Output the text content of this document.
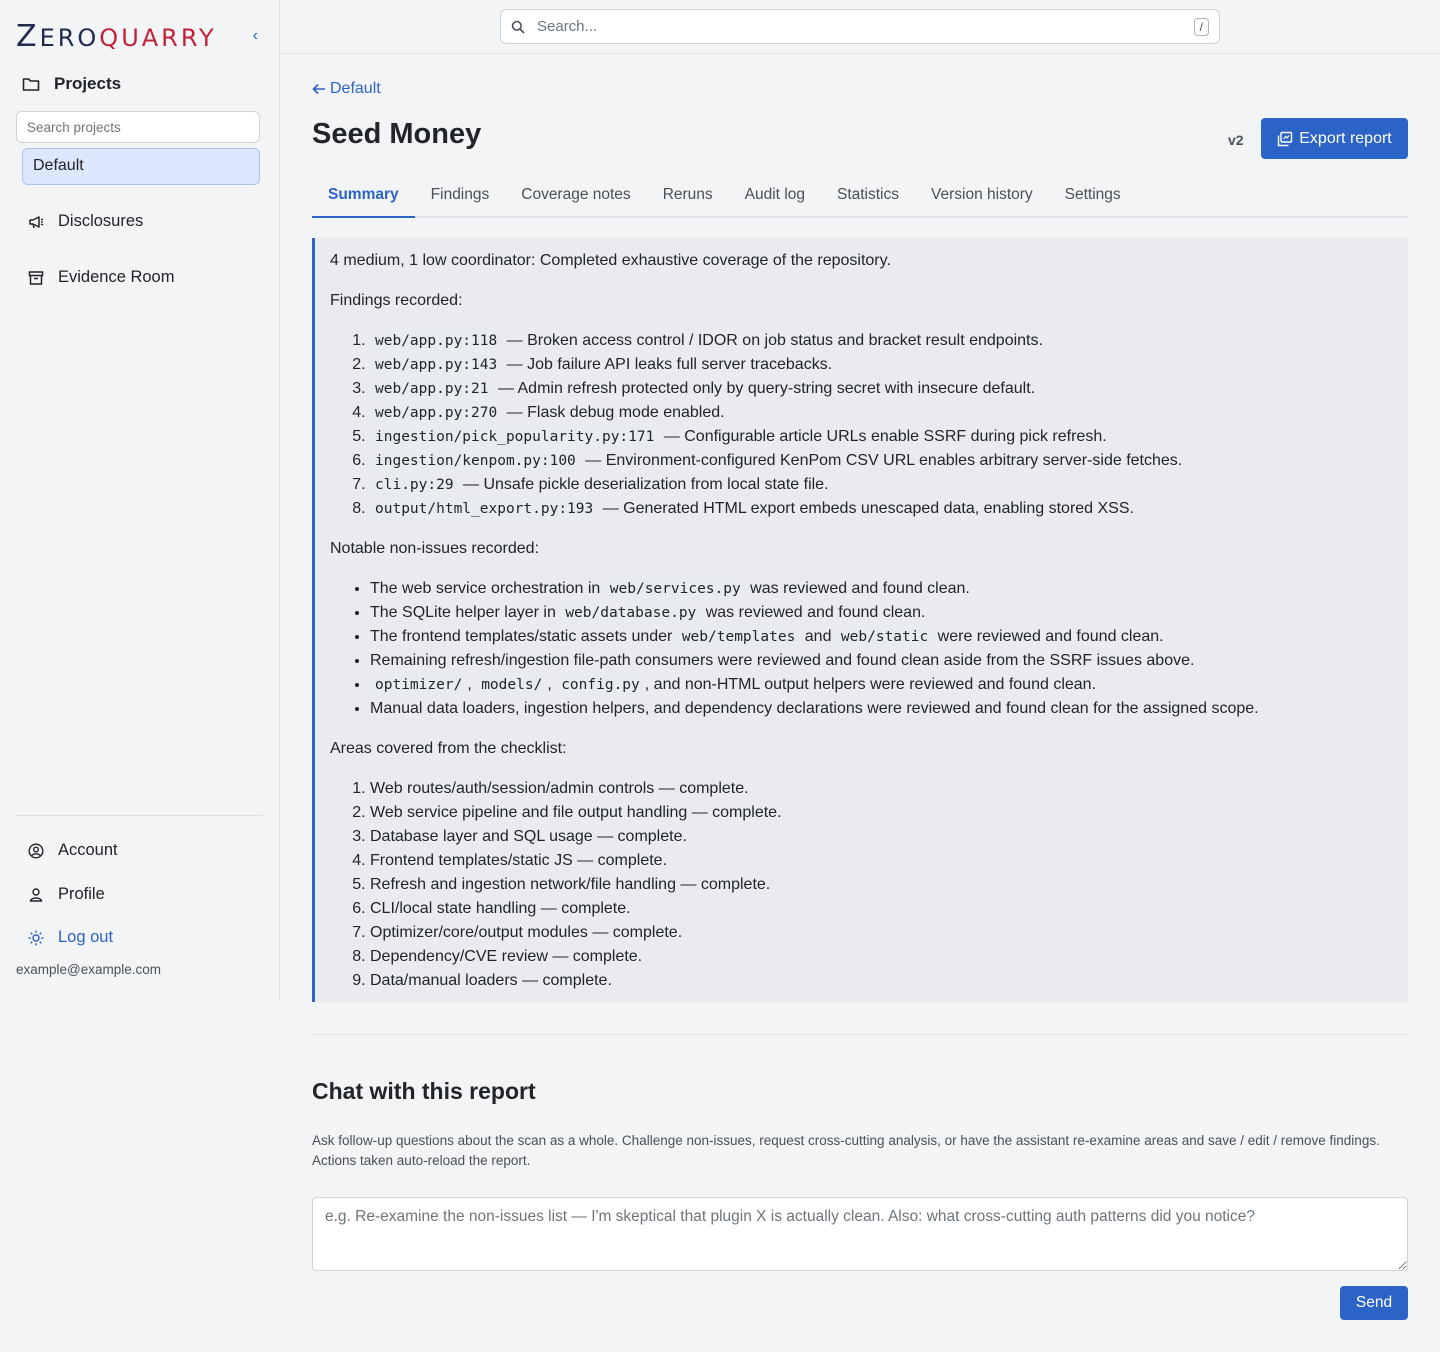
ZEROQUARRY ‹
Projects
Search projects
Default
Disclosures
Evidence Room
Account
Profile
Log out
example@example.com
Search...	/
Default
Seed Money	v2	Export report
Summary	Findings	Coverage notes	Reruns	Audit log	Statistics	Version history	Settings

4 medium, 1 low coordinator: Completed exhaustive coverage of the repository.

Findings recorded:

1. web/app.py:118 — Broken access control / IDOR on job status and bracket result endpoints.
2. web/app.py:143 — Job failure API leaks full server tracebacks.
3. web/app.py:21 — Admin refresh protected only by query-string secret with insecure default.
4. web/app.py:270 — Flask debug mode enabled.
5. ingestion/pick_popularity.py:171 — Configurable article URLs enable SSRF during pick refresh.
6. ingestion/kenpom.py:100 — Environment-configured KenPom CSV URL enables arbitrary server-side fetches.
7. cli.py:29 — Unsafe pickle deserialization from local state file.
8. output/html_export.py:193 — Generated HTML export embeds unescaped data, enabling stored XSS.

Notable non-issues recorded:

• The web service orchestration in web/services.py was reviewed and found clean.
• The SQLite helper layer in web/database.py was reviewed and found clean.
• The frontend templates/static assets under web/templates and web/static were reviewed and found clean.
• Remaining refresh/ingestion file-path consumers were reviewed and found clean aside from the SSRF issues above.
• optimizer/ , models/ , config.py , and non-HTML output helpers were reviewed and found clean.
• Manual data loaders, ingestion helpers, and dependency declarations were reviewed and found clean for the assigned scope.

Areas covered from the checklist:

1. Web routes/auth/session/admin controls — complete.
2. Web service pipeline and file output handling — complete.
3. Database layer and SQL usage — complete.
4. Frontend templates/static JS — complete.
5. Refresh and ingestion network/file handling — complete.
6. CLI/local state handling — complete.
7. Optimizer/core/output modules — complete.
8. Dependency/CVE review — complete.
9. Data/manual loaders — complete.
Chat with this report

Ask follow-up questions about the scan as a whole. Challenge non-issues, request cross-cutting analysis, or have the assistant re-examine areas and save / edit / remove findings. Actions taken auto-reload the report.

e.g. Re-examine the non-issues list — I'm skeptical that plugin X is actually clean. Also: what cross-cutting auth patterns did you notice?
Send
